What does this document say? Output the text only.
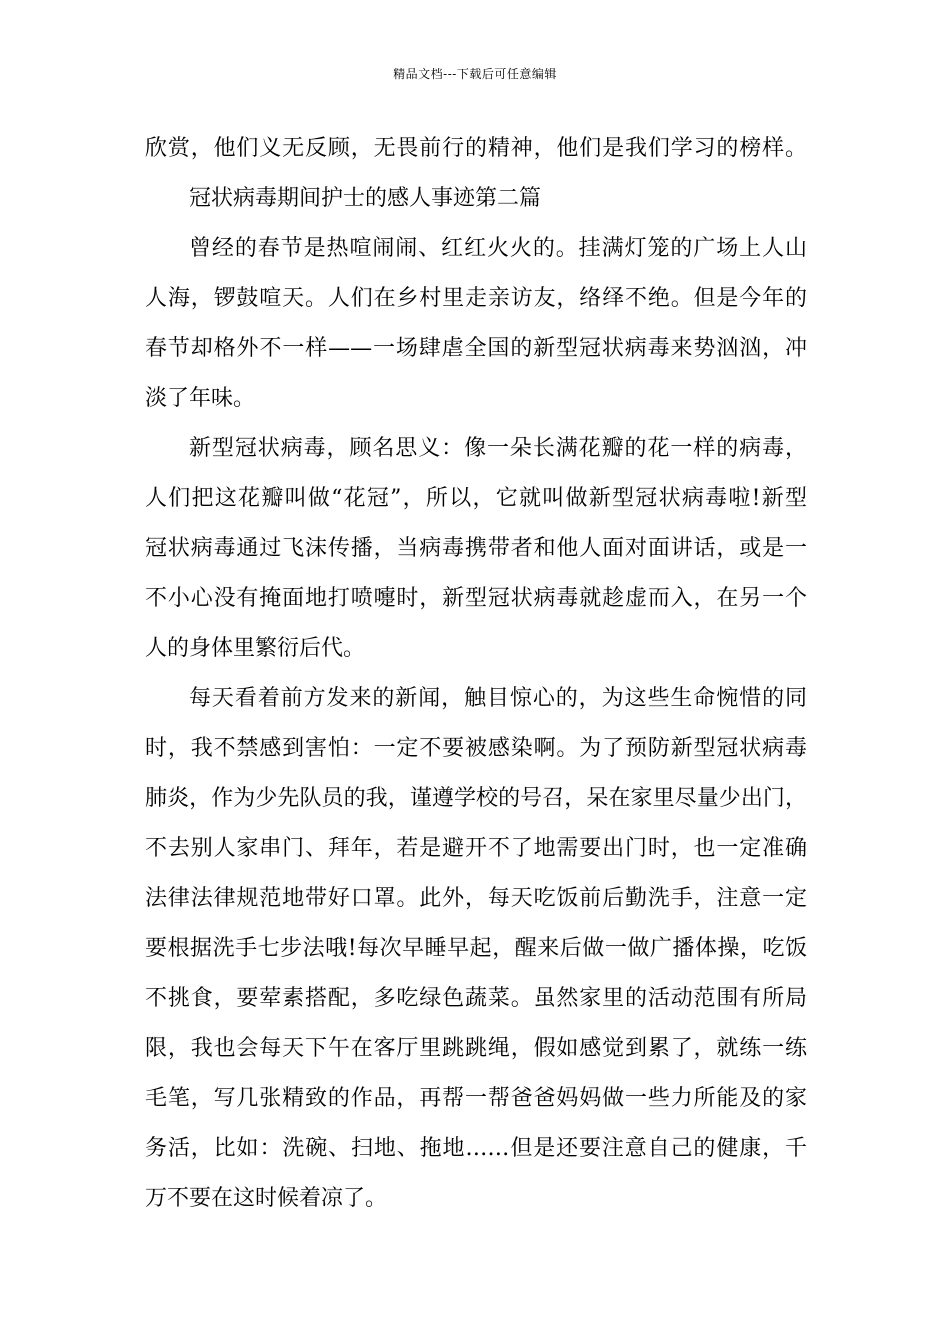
精品文档---下载后可任意编辑
欣赏，他们义无反顾，无畏前行的精神，他们是我们学习的榜样。
冠状病毒期间护士的感人事迹第二篇
曾经的春节是热喧闹闹、红红火火的。挂满灯笼的广场上人山
人海，锣鼓喧天。人们在乡村里走亲访友，络绎不绝。但是今年的
春节却格外不一样——一场肆虐全国的新型冠状病毒来势汹汹，冲
淡了年味。
新型冠状病毒，顾名思义：像一朵长满花瓣的花一样的病毒，
人们把这花瓣叫做“花冠”，所以，它就叫做新型冠状病毒啦!新型
冠状病毒通过飞沫传播，当病毒携带者和他人面对面讲话，或是一
不小心没有掩面地打喷嚏时，新型冠状病毒就趁虚而入，在另一个
人的身体里繁衍后代。
每天看着前方发来的新闻，触目惊心的，为这些生命惋惜的同
时，我不禁感到害怕：一定不要被感染啊。为了预防新型冠状病毒
肺炎，作为少先队员的我，谨遵学校的号召，呆在家里尽量少出门，
不去别人家串门、拜年，若是避开不了地需要出门时，也一定准确
法律法律规范地带好口罩。此外，每天吃饭前后勤洗手，注意一定
要根据洗手七步法哦!每次早睡早起，醒来后做一做广播体操，吃饭
不挑食，要荤素搭配，多吃绿色蔬菜。虽然家里的活动范围有所局
限，我也会每天下午在客厅里跳跳绳，假如感觉到累了，就练一练
毛笔，写几张精致的作品，再帮一帮爸爸妈妈做一些力所能及的家
务活，比如：洗碗、扫地、拖地……但是还要注意自己的健康，千
万不要在这时候着凉了。
